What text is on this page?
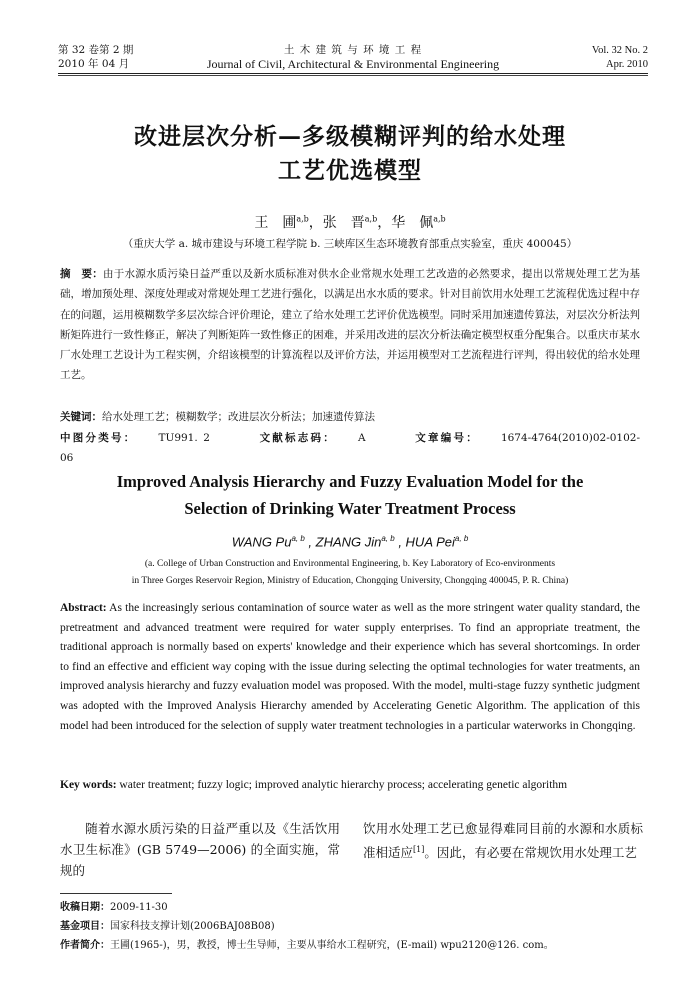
第 32 卷第 2 期
2010 年 04 月
土 木 建 筑 与 环 境 工 程
Journal of Civil, Architectural & Environmental Engineering
Vol. 32 No. 2
Apr. 2010
改进层次分析—多级模糊评判的给水处理
工艺优选模型
王　圃$^{a,b}$，张　晋$^{a,b}$，华　佩$^{a,b}$
（重庆大学 a. 城市建设与环境工程学院 b. 三峡库区生态环境教育部重点实验室，重庆 400045）
摘　要：由于水源水质污染日益严重以及新水质标准对供水企业常规水处理工艺改造的必然要求，提出以常规处理工艺为基础，增加预处理、深度处理或对常规处理工艺进行强化，以满足出水水质的要求。针对目前饮用水处理工艺流程优选过程中存在的问题，运用模糊数学多层次综合评价理论，建立了给水处理工艺评价优选模型。同时采用加速遗传算法，对层次分析法判断矩阵进行一致性修正，解决了判断矩阵一致性修正的困难，并采用改进的层次分析法确定模型权重分配集合。以重庆市某水厂水处理工艺设计为工程实例，介绍该模型的计算流程以及评价方法，并运用模型对工艺流程进行评判，得出较优的给水处理工艺。
关键词：给水处理工艺；模糊数学；改进层次分析法；加速遗传算法
中图分类号： TU991. 2	文献标志码： A	文章编号： 1674-4764(2010)02-0102-06
Improved Analysis Hierarchy and Fuzzy Evaluation Model for the
Selection of Drinking Water Treatment Process
WANG Pu$^{a, b}$ , ZHANG Jin$^{a, b}$ , HUA Pei$^{a, b}$
(a. College of Urban Construction and Environmental Engineering, b. Key Laboratory of Eco-environments
in Three Gorges Reservoir Region, Ministry of Education, Chongqing University, Chongqing 400045, P. R. China)
Abstract: As the increasingly serious contamination of source water as well as the more stringent water quality standard, the pretreatment and advanced treatment were required for water supply enterprises. To find an appropriate treatment, the traditional approach is normally based on experts' knowledge and their experience which has several shortcomings. In order to find an effective and efficient way coping with the issue during selecting the optimal technologies for water treatments, an improved analysis hierarchy and fuzzy evaluation model was proposed. With the model, multi-stage fuzzy synthetic judgment was adopted with the Improved Analysis Hierarchy amended by Accelerating Genetic Algorithm. The application of this model had been introduced for the selection of supply water treatment technologies in a particular waterworks in Chongqing.
Key words: water treatment; fuzzy logic; improved analytic hierarchy process; accelerating genetic algorithm
随着水源水质污染的日益严重以及《生活饮用水卫生标准》(GB 5749—2006) 的全面实施，常规的
饮用水处理工艺已愈显得难同目前的水源和水质标准相适应[1]。因此，有必要在常规饮用水处理工艺
收稿日期：2009-11-30
基金项目：国家科技支撑计划(2006BAJ08B08)
作者简介：王圃(1965-)，男，教授，博士生导师，主要从事给水工程研究，(E-mail) wpu2120@126. com。
